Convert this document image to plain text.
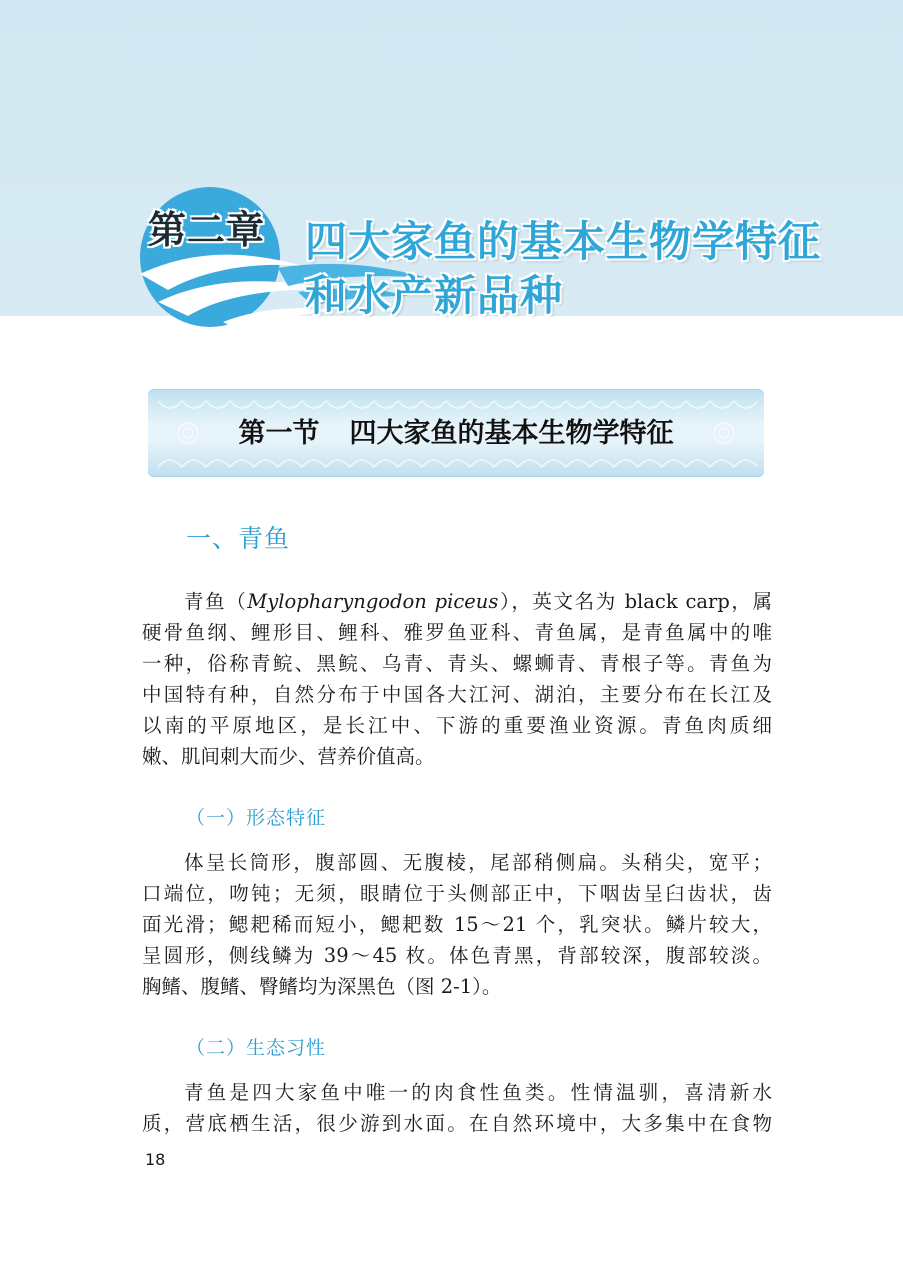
第二章 四大家鱼的基本生物学特征
和水产新品种
第一节 四大家鱼的基本生物学特征
一、青鱼
青鱼（Mylopharyngodon piceus），英文名为 black carp，属
硬骨鱼纲、鲤形目、鲤科、雅罗鱼亚科、青鱼属，是青鱼属中的唯
一种，俗称青鲩、黑鲩、乌青、青头、螺蛳青、青根子等。青鱼为
中国特有种，自然分布于中国各大江河、湖泊，主要分布在长江及
以南的平原地区，是长江中、下游的重要渔业资源。青鱼肉质细
嫩、肌间刺大而少、营养价值高。
（一）形态特征
体呈长筒形，腹部圆、无腹棱，尾部稍侧扁。头稍尖，宽平；
口端位，吻钝；无须，眼睛位于头侧部正中，下咽齿呈臼齿状，齿
面光滑；鳃耙稀而短小，鳃耙数 15～21 个，乳突状。鳞片较大，
呈圆形，侧线鳞为 39～45 枚。体色青黑，背部较深，腹部较淡。
胸鳍、腹鳍、臀鳍均为深黑色（图 2-1）。
（二）生态习性
青鱼是四大家鱼中唯一的肉食性鱼类。性情温驯，喜清新水
质，营底栖生活，很少游到水面。在自然环境中，大多集中在食物
18
